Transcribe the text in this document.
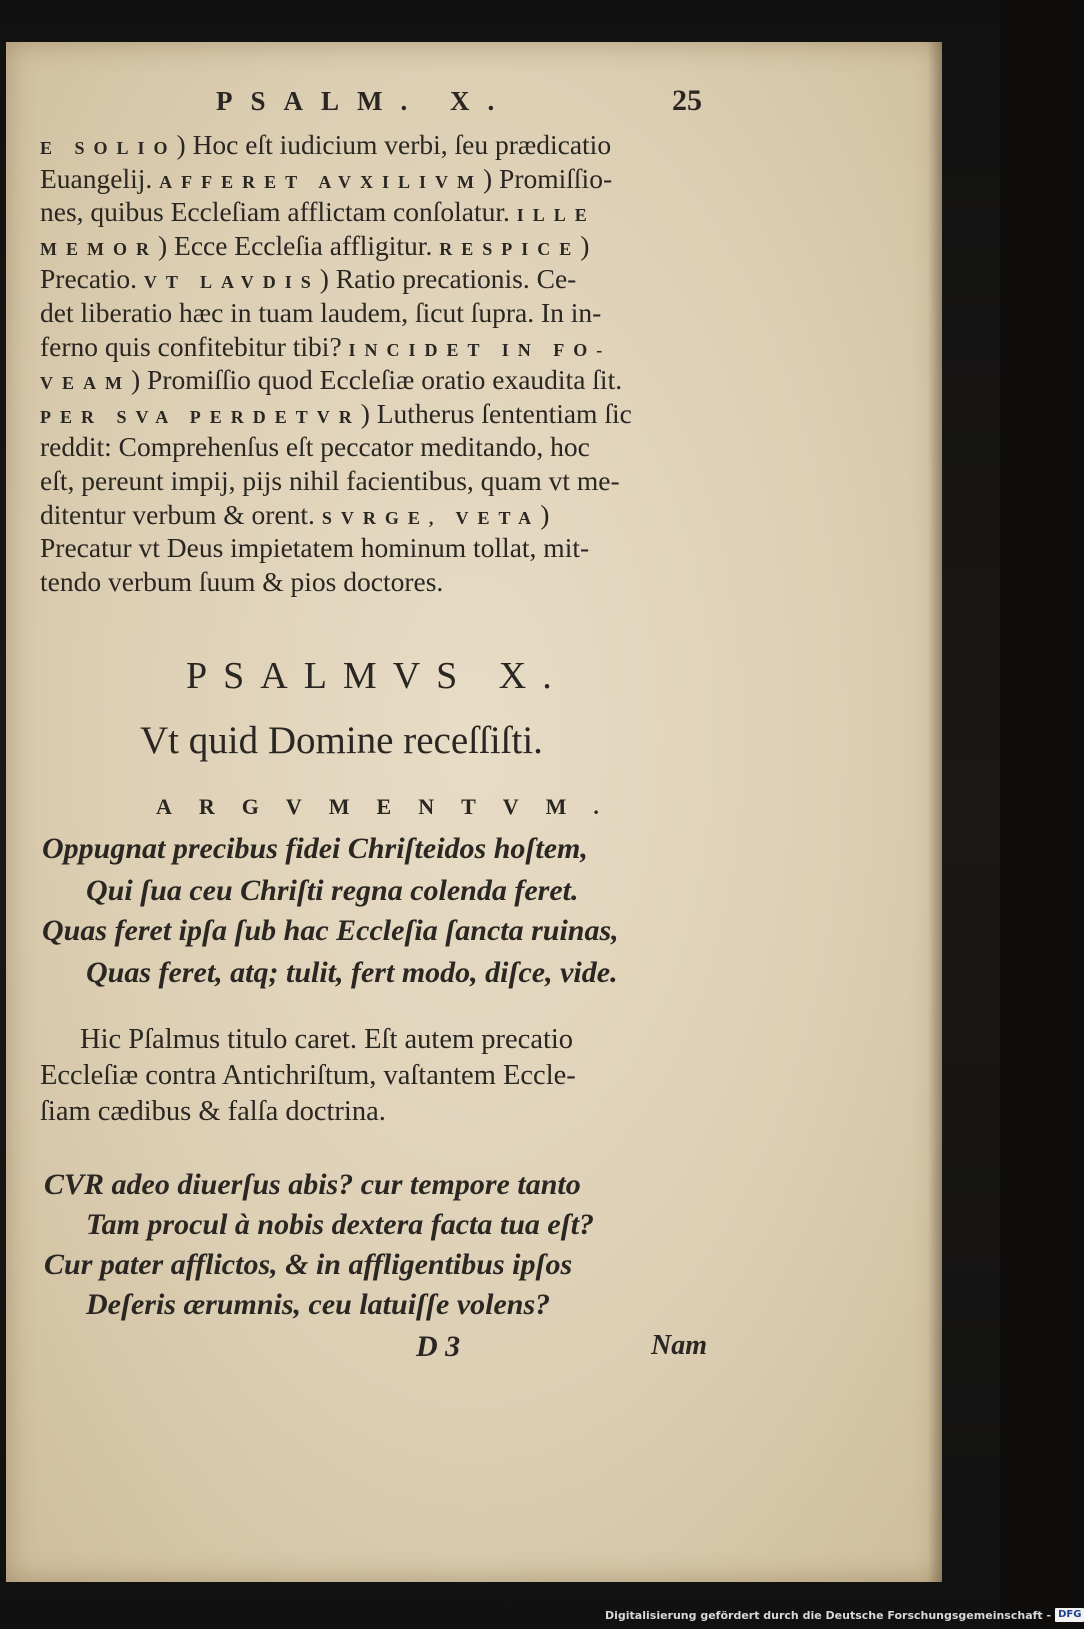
PSALM. X.	25
E SOLIO) Hoc eſt iudicium verbi, ſeu prædicatio
Euangelij. AFFERET AVXILIVM) Promiſſio-
nes, quibus Eccleſiam afflictam conſolatur. ILLE
MEMOR) Ecce Eccleſia affligitur. RESPICE)
Precatio. VT LAVDIS) Ratio precationis. Ce-
det liberatio hæc in tuam laudem, ſicut ſupra. In in-
ferno quis confitebitur tibi? INCIDET IN FO-
VEAM) Promiſſio quod Eccleſiæ oratio exaudita ſit.
PER SVA PERDETVR) Lutherus ſententiam ſic
reddit: Comprehenſus eſt peccator meditando, hoc
eſt, pereunt impij, pijs nihil facientibus, quam vt me-
ditentur verbum & orent. SVRGE, VETA)
Precatur vt Deus impietatem hominum tollat, mit-
tendo verbum ſuum & pios doctores.
PSALMVS X.
Vt quid Domine receſſiſti.
ARGVMENTVM.
Oppugnat precibus fidei Chriſteidos hoſtem,
Qui ſua ceu Chriſti regna colenda feret.
Quas feret ipſa ſub hac Eccleſia ſancta ruinas,
Quas feret, atq; tulit, fert modo, diſce, vide.
Hic Pſalmus titulo caret. Eſt autem precatio
Eccleſiæ contra Antichriſtum, vaſtantem Eccle-
ſiam cædibus & falſa doctrina.
CVR adeo diuerſus abis? cur tempore tanto
Tam procul à nobis dextera facta tua eſt?
Cur pater afflictos, & in affligentibus ipſos
Deſeris ærumnis, ceu latuiſſe volens?
D 3	Nam
Digitalisierung gefördert durch die Deutsche Forschungsgemeinschaft - DFG
